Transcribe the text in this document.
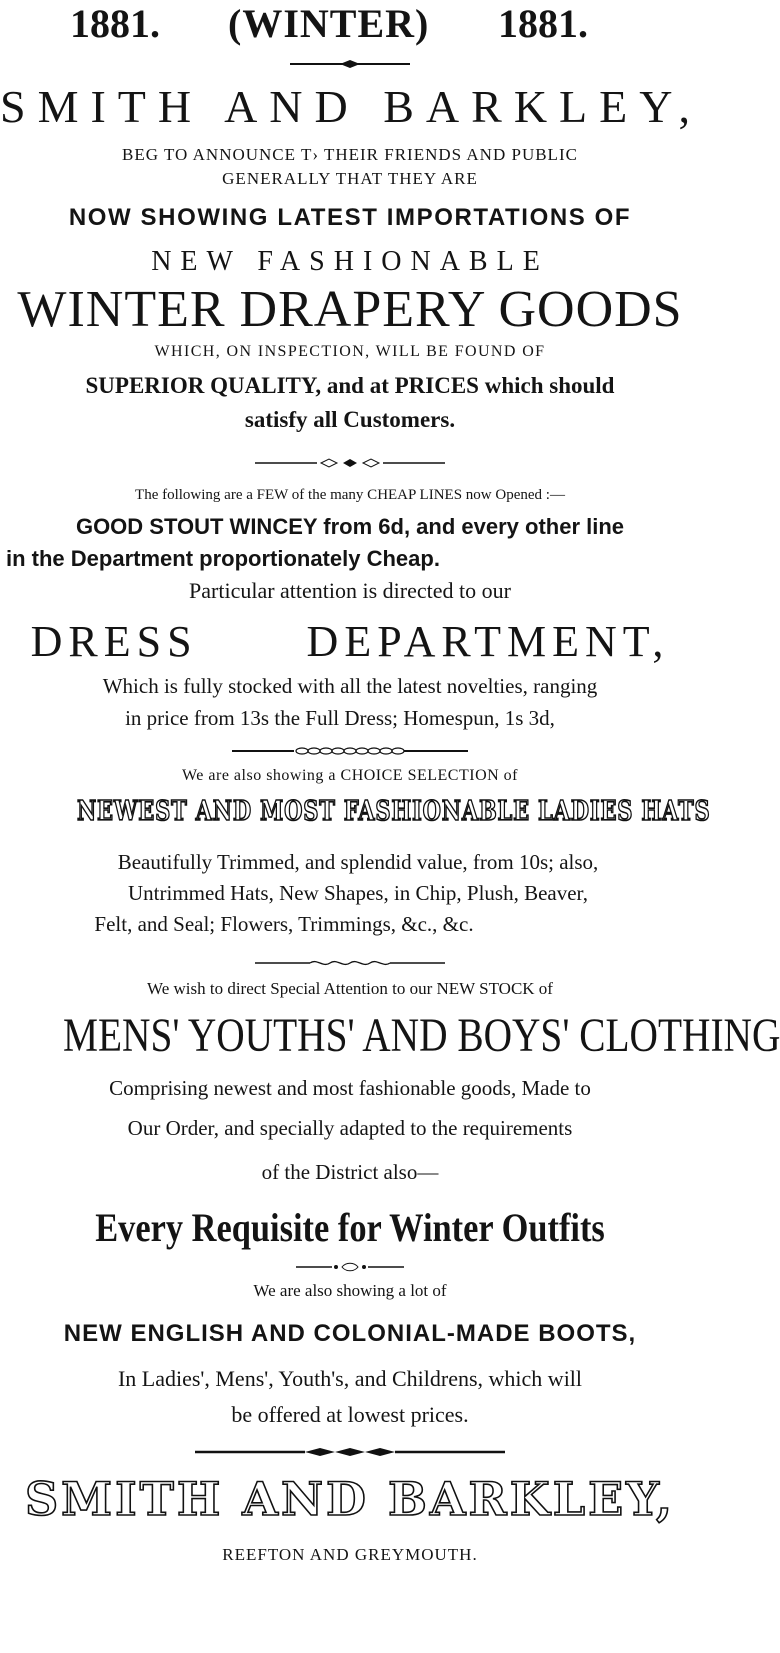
1881. (WINTER) 1881.
SMITH AND BARKLEY,
BEG TO ANNOUNCE T› THEIR FRIENDS AND PUBLIC
GENERALLY THAT THEY ARE
NOW SHOWING LATEST IMPORTATIONS OF
NEW FASHIONABLE
WINTER DRAPERY GOODS
WHICH, ON INSPECTION, WILL BE FOUND OF
SUPERIOR QUALITY, and at PRICES which should
satisfy all Customers.
The following are a FEW of the many CHEAP LINES now Opened :—
GOOD STOUT WINCEY from 6d, and every other line
in the Department proportionately Cheap.
Particular attention is directed to our
DRESS DEPARTMENT,
Which is fully stocked with all the latest novelties, ranging
in price from 13s the Full Dress; Homespun, 1s 3d,
We are also showing a CHOICE SELECTION of
NEWEST AND MOST FASHIONABLE LADIES HATS
Beautifully Trimmed, and splendid value, from 10s; also,
Untrimmed Hats, New Shapes, in Chip, Plush, Beaver,
Felt, and Seal; Flowers, Trimmings, &c., &c.
We wish to direct Special Attention to our NEW STOCK of
MENS' YOUTHS' AND BOYS' CLOTHING
Comprising newest and most fashionable goods, Made to
Our Order, and specially adapted to the requirements
of the District also—
Every Requisite for Winter Outfits
We are also showing a lot of
NEW ENGLISH AND COLONIAL-MADE BOOTS,
In Ladies', Mens', Youth's, and Childrens, which will
be offered at lowest prices.
SMITH AND BARKLEY,
REEFTON AND GREYMOUTH.
